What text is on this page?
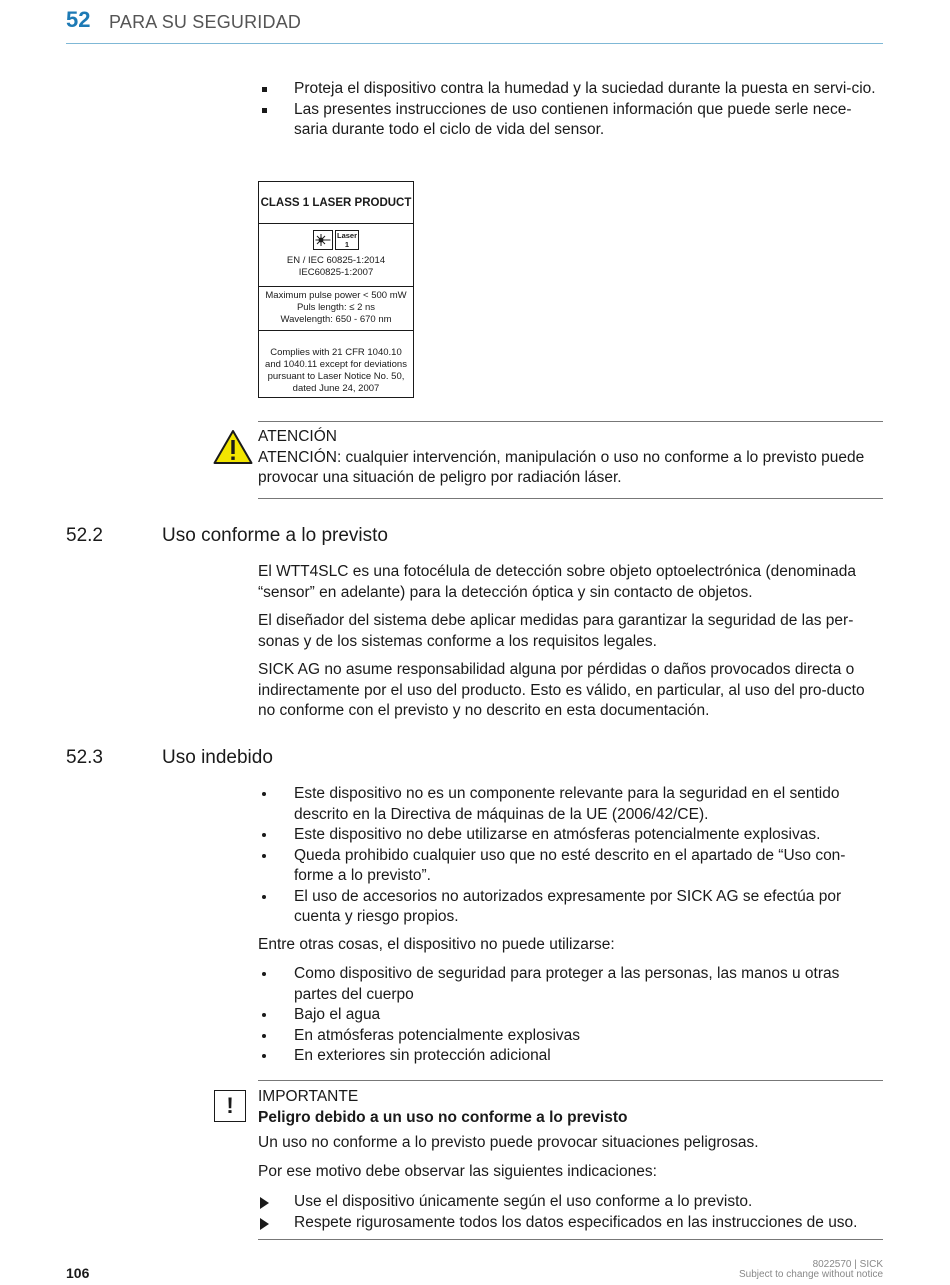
52 PARA SU SEGURIDAD
Proteja el dispositivo contra la humedad y la suciedad durante la puesta en servi-cio.
Las presentes instrucciones de uso contienen información que puede serle nece-saria durante todo el ciclo de vida del sensor.
CLASS 1 LASER PRODUCT
Laser
1
EN / IEC 60825-1:2014
IEC60825-1:2007
Maximum pulse power < 500 mW
Puls length: ≤ 2 ns
Wavelength: 650 - 670 nm
Complies with 21 CFR 1040.10
and 1040.11 except for deviations
pursuant to Laser Notice No. 50,
dated June 24, 2007
ATENCIÓN
ATENCIÓN: cualquier intervención, manipulación o uso no conforme a lo previsto puede provocar una situación de peligro por radiación láser.
52.2	Uso conforme a lo previsto

El WTT4SLC es una fotocélula de detección sobre objeto optoelectrónica (denominada “sensor” en adelante) para la detección óptica y sin contacto de objetos.

El diseñador del sistema debe aplicar medidas para garantizar la seguridad de las per-sonas y de los sistemas conforme a los requisitos legales.

SICK AG no asume responsabilidad alguna por pérdidas o daños provocados directa o indirectamente por el uso del producto. Esto es válido, en particular, al uso del pro-ducto no conforme con el previsto y no descrito en esta documentación.

52.3	Uso indebido
Este dispositivo no es un componente relevante para la seguridad en el sentido descrito en la Directiva de máquinas de la UE (2006/42/CE).
Este dispositivo no debe utilizarse en atmósferas potencialmente explosivas.
Queda prohibido cualquier uso que no esté descrito en el apartado de “Uso con-forme a lo previsto”.
El uso de accesorios no autorizados expresamente por SICK AG se efectúa por cuenta y riesgo propios.
Entre otras cosas, el dispositivo no puede utilizarse:
Como dispositivo de seguridad para proteger a las personas, las manos u otras partes del cuerpo
Bajo el agua
En atmósferas potencialmente explosivas
En exteriores sin protección adicional
!	IMPORTANTE
Peligro debido a un uso no conforme a lo previsto
Un uso no conforme a lo previsto puede provocar situaciones peligrosas.
Por ese motivo debe observar las siguientes indicaciones:
Use el dispositivo únicamente según el uso conforme a lo previsto.
Respete rigurosamente todos los datos especificados en las instrucciones de uso.
106
8022570 | SICK
Subject to change without notice
